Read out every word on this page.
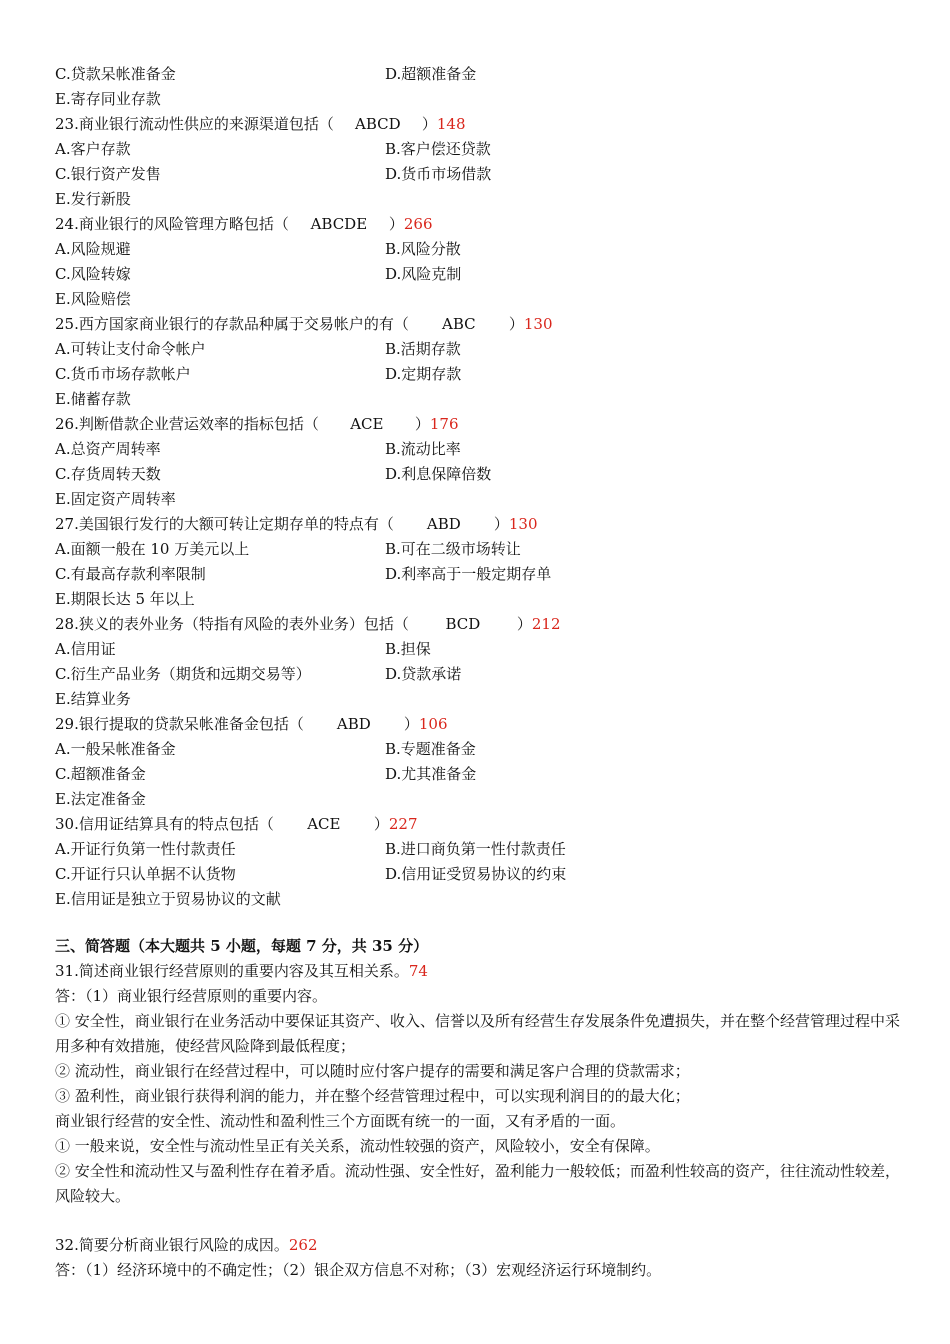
C.贷款呆帐准备金	D.超额准备金
E.寄存同业存款
23.商业银行流动性供应的来源渠道包括（ ABCD ）148
A.客户存款	B.客户偿还贷款
C.银行资产发售	D.货币市场借款
E.发行新股
24.商业银行的风险管理方略包括（ ABCDE ）266
A.风险规避	B.风险分散
C.风险转嫁	D.风险克制
E.风险赔偿
25.西方国家商业银行的存款品种属于交易帐户的有（ ABC ）130
A.可转让支付命令帐户	B.活期存款
C.货币市场存款帐户	D.定期存款
E.储蓄存款
26.判断借款企业营运效率的指标包括（ ACE ）176
A.总资产周转率	B.流动比率
C.存货周转天数	D.利息保障倍数
E.固定资产周转率
27.美国银行发行的大额可转让定期存单的特点有（ ABD ）130
A.面额一般在 10 万美元以上	B.可在二级市场转让
C.有最高存款利率限制	D.利率高于一般定期存单
E.期限长达 5 年以上
28.狭义的表外业务（特指有风险的表外业务）包括（ BCD ）212
A.信用证	B.担保
C.衍生产品业务（期货和远期交易等）	D.贷款承诺
E.结算业务
29.银行提取的贷款呆帐准备金包括（ ABD ）106
A.一般呆帐准备金	B.专题准备金
C.超额准备金	D.尤其准备金
E.法定准备金
30.信用证结算具有的特点包括（ ACE ）227
A.开证行负第一性付款责任	B.进口商负第一性付款责任
C.开证行只认单据不认货物	D.信用证受贸易协议的约束
E.信用证是独立于贸易协议的文献
三、简答题（本大题共 5 小题，每题 7 分，共 35 分）
31.简述商业银行经营原则的重要内容及其互相关系。74
答：（1）商业银行经营原则的重要内容。
① 安全性，商业银行在业务活动中要保证其资产、收入、信誉以及所有经营生存发展条件免遭损失，并在整个经营管理过程中采用多种有效措施，使经营风险降到最低程度；
② 流动性，商业银行在经营过程中，可以随时应付客户提存的需要和满足客户合理的贷款需求；
③ 盈利性，商业银行获得利润的能力，并在整个经营管理过程中，可以实现利润目的的最大化；
商业银行经营的安全性、流动性和盈利性三个方面既有统一的一面，又有矛盾的一面。
① 一般来说，安全性与流动性呈正有关关系，流动性较强的资产，风险较小，安全有保障。
② 安全性和流动性又与盈利性存在着矛盾。流动性强、安全性好，盈利能力一般较低；而盈利性较高的资产，往往流动性较差，风险较大。
32.简要分析商业银行风险的成因。262
答：（1）经济环境中的不确定性；（2）银企双方信息不对称；（3）宏观经济运行环境制约。
